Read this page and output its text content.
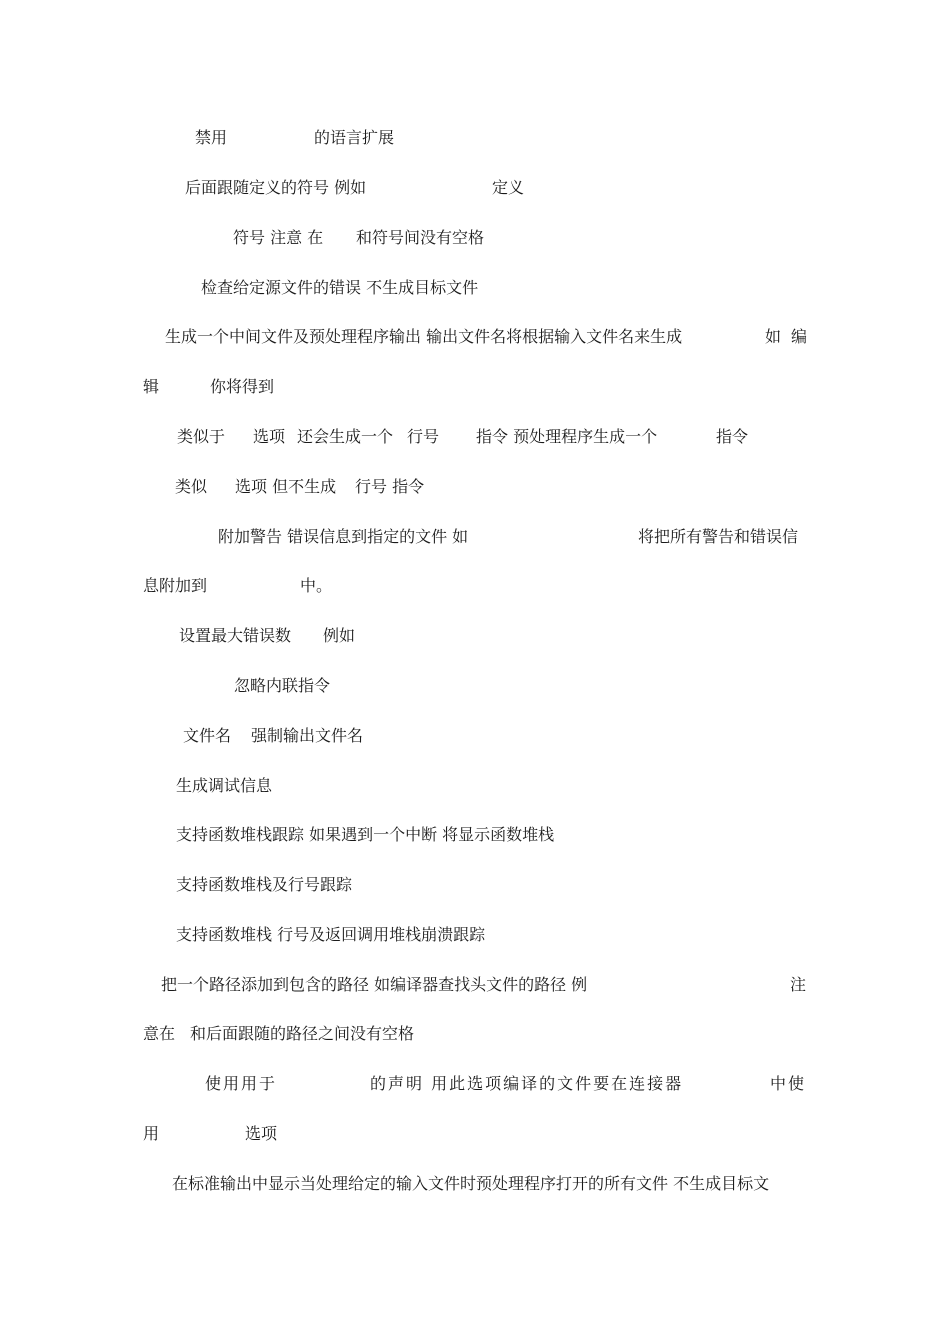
禁用	的语言扩展
后面跟随定义的符号 例如	定义
符号 注意 在 和符号间没有空格
检查给定源文件的错误 不生成目标文件
生成一个中间文件及预处理程序输出 输出文件名将根据输入文件名来生成	如 编
辑	你将得到
类似于 选项 还会生成一个 行号 指令 预处理程序生成一个	指令
类似 选项 但不生成 行号 指令
附加警告 错误信息到指定的文件 如	将把所有警告和错误信
息附加到	中。
设置最大错误数 例如
忽略内联指令
文件名 强制输出文件名
生成调试信息
支持函数堆栈跟踪 如果遇到一个中断 将显示函数堆栈
支持函数堆栈及行号跟踪
支持函数堆栈 行号及返回调用堆栈崩溃跟踪
把一个路径添加到包含的路径 如编译器查找头文件的路径 例	注
意在 和后面跟随的路径之间没有空格
使用用于	的声明 用此选项编译的文件要在连接器	中使
用	选项
在标准输出中显示当处理给定的输入文件时预处理程序打开的所有文件 不生成目标文
